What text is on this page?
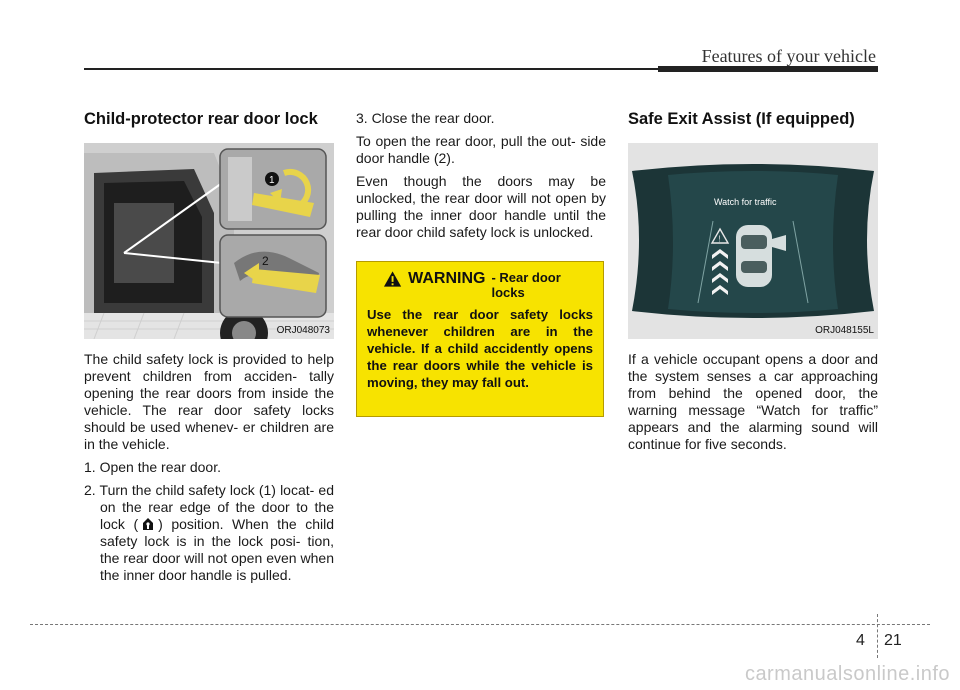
Features of your vehicle
Child-protector rear door lock
1
2
ORJ048073

The child safety lock is provided to help prevent children from acciden- tally opening the rear doors from inside the vehicle. The rear door safety locks should be used whenev- er children are in the vehicle.

1. Open the rear door.
2. Turn the child safety lock (1) locat- ed on the rear edge of the door to the lock ( ) position. When the child safety lock is in the lock posi- tion, the rear door will not open even when the inner door handle is pulled.
3. Close the rear door.

To open the rear door, pull the out- side door handle (2).

Even though the doors may be unlocked, the rear door will not open by pulling the inner door handle until the rear door child safety lock is unlocked.

WARNING - Rear door locks
Use the rear door safety locks whenever children are in the vehicle. If a child accidently opens the rear doors while the vehicle is moving, they may fall out.
Safe Exit Assist (If equipped)
Watch for traffic
!
ORJ048155L

If a vehicle occupant opens a door and the system senses a car approaching from behind the opened door, the warning message “Watch for traffic” appears and the alarming sound will continue for five seconds.

4 21
carmanualsonline.info
